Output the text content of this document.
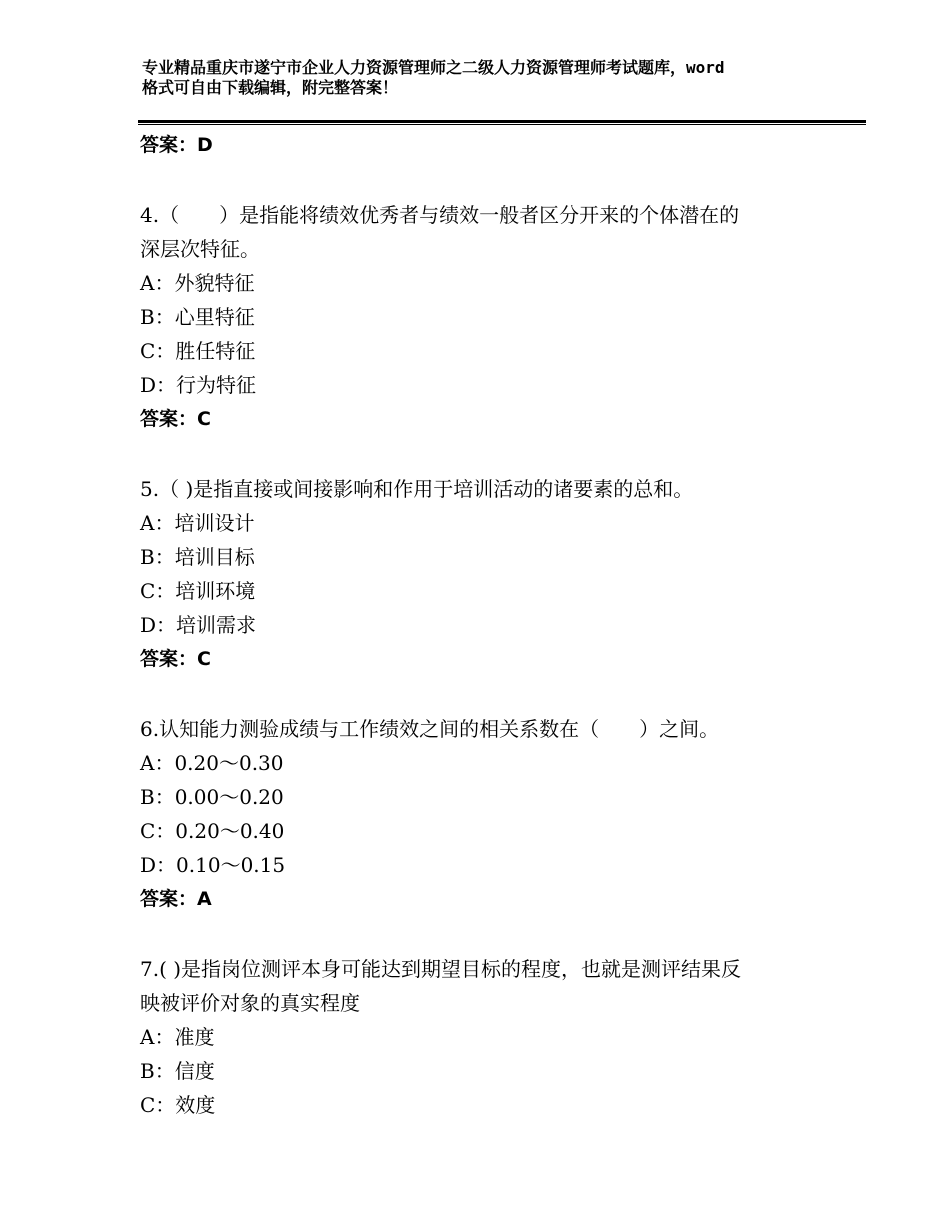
专业精品重庆市遂宁市企业人力资源管理师之二级人力资源管理师考试题库，word
格式可自由下载编辑，附完整答案！
答案：D
4.（　　）是指能将绩效优秀者与绩效一般者区分开来的个体潜在的
深层次特征。
A：外貌特征
B：心里特征
C：胜任特征
D：行为特征
答案：C
5.（ )是指直接或间接影响和作用于培训活动的诸要素的总和。
A：培训设计
B：培训目标
C：培训环境
D：培训需求
答案：C
6.认知能力测验成绩与工作绩效之间的相关系数在（　　）之间。
A：0.20～0.30
B：0.00～0.20
C：0.20～0.40
D：0.10～0.15
答案：A
7.( )是指岗位测评本身可能达到期望目标的程度，也就是测评结果反
映被评价对象的真实程度
A：准度
B：信度
C：效度
